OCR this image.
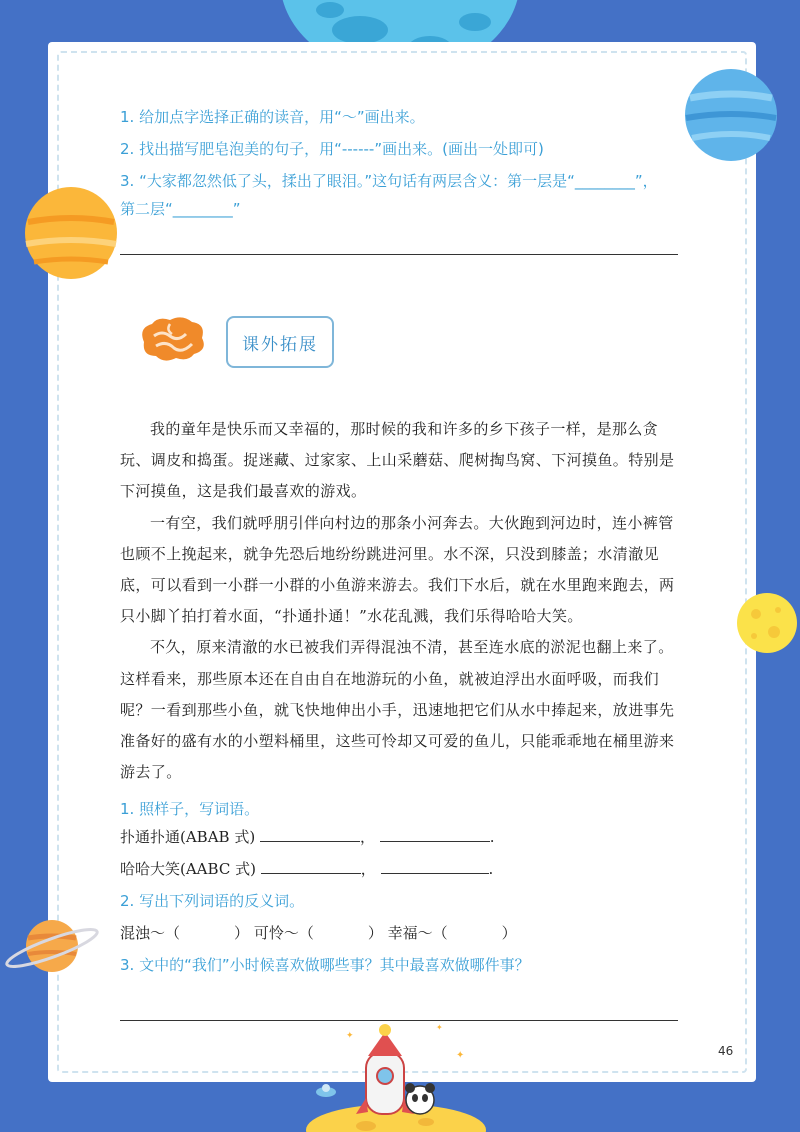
✦
✦
✦
1. 给加点字选择正确的读音，用“～”画出来。
2. 找出描写肥皂泡美的句子，用“------”画出来。(画出一处即可)
3. “大家都忽然低了头，揉出了眼泪。”这句话有两层含义：第一层是“________”，
第二层“________”
课外拓展

我的童年是快乐而又幸福的，那时候的我和许多的乡下孩子一样，是那么贪玩、调皮和捣蛋。捉迷藏、过家家、上山采蘑菇、爬树掏鸟窝、下河摸鱼。特别是下河摸鱼，这是我们最喜欢的游戏。

一有空，我们就呼朋引伴向村边的那条小河奔去。大伙跑到河边时，连小裤管也顾不上挽起来，就争先恐后地纷纷跳进河里。水不深，只没到膝盖；水清澈见底，可以看到一小群一小群的小鱼游来游去。我们下水后，就在水里跑来跑去，两只小脚丫拍打着水面，“扑通扑通！”水花乱溅，我们乐得哈哈大笑。

不久，原来清澈的水已被我们弄得混浊不清，甚至连水底的淤泥也翻上来了。这样看来，那些原本还在自由自在地游玩的小鱼，就被迫浮出水面呼吸，而我们呢？一看到那些小鱼，就飞快地伸出小手，迅速地把它们从水中捧起来，放进事先准备好的盛有水的小塑料桶里，这些可怜却又可爱的鱼儿，只能乖乖地在桶里游来游去了。

1. 照样子，写词语。
扑通扑通(ABAB 式)	，	.
哈哈大笑(AABC 式)	，	.
2. 写出下列词语的反义词。
混浊～（	） 可怜～（	） 幸福～（	）
3. 文中的“我们”小时候喜欢做哪些事？其中最喜欢做哪件事？
46
